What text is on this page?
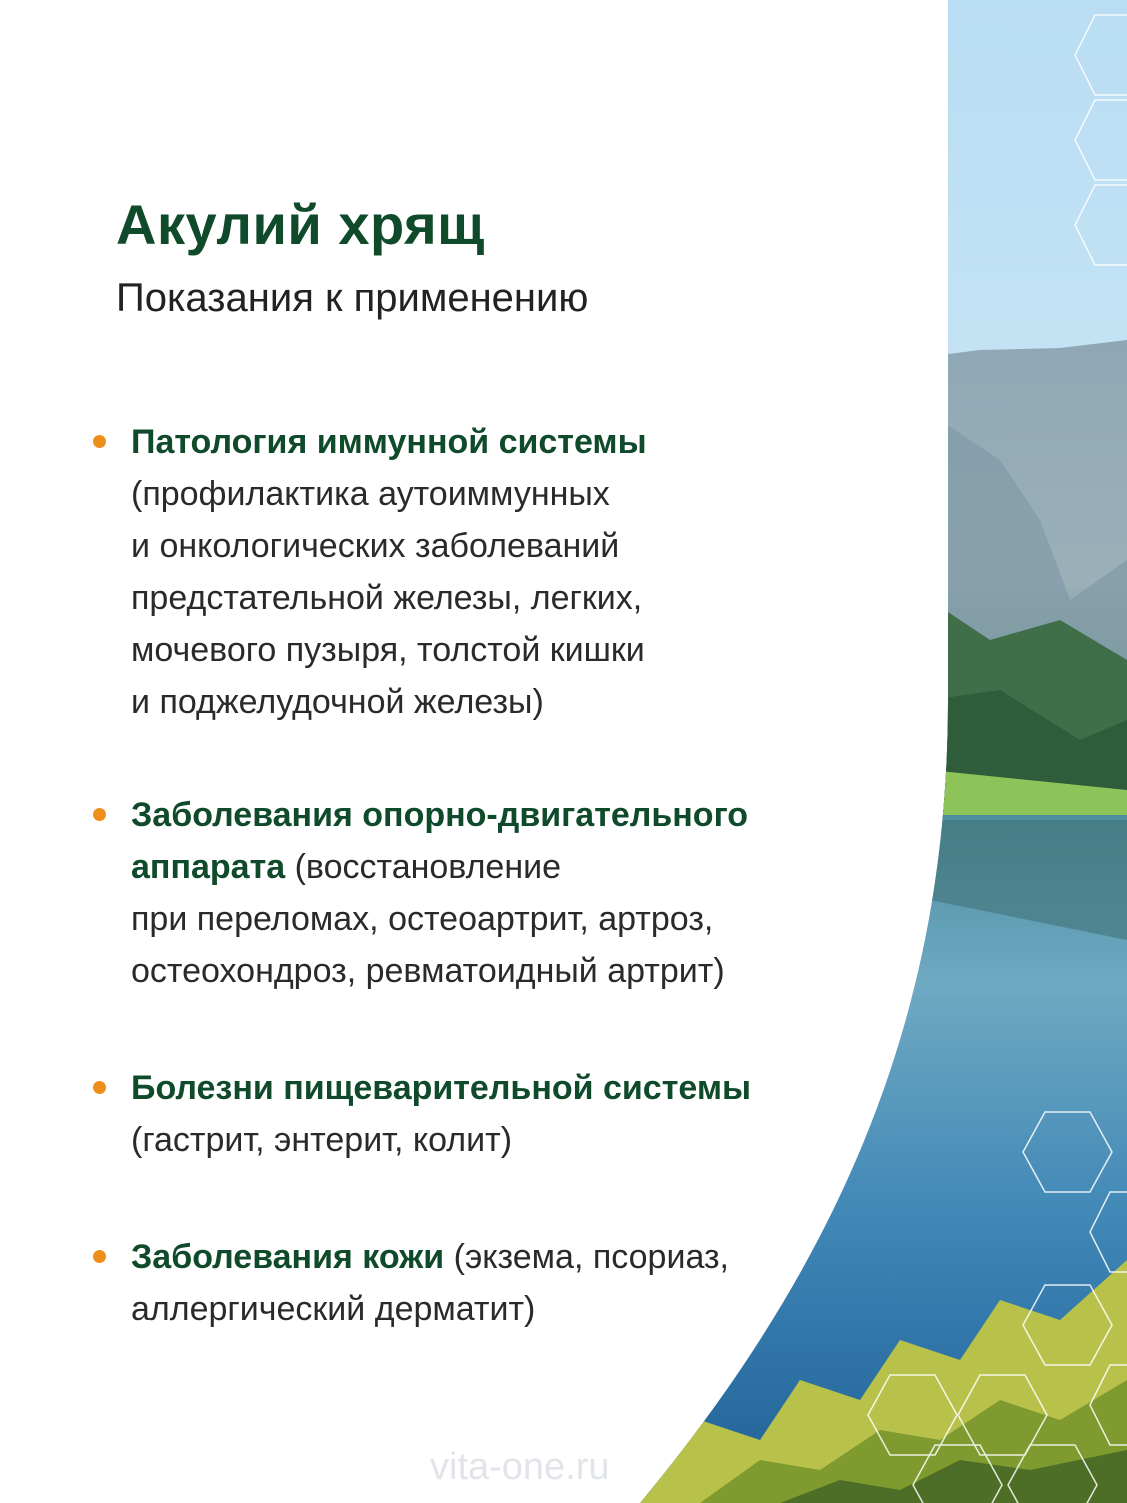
Акулий хрящ
Показания к применению
Патология иммунной системы
(профилактика аутоиммунных
и онкологических заболеваний
предстательной железы, легких,
мочевого пузыря, толстой кишки
и поджелудочной железы)
Заболевания опорно-двигательного
аппарата (восстановление
при переломах, остеоартрит, артроз,
остеохондроз, ревматоидный артрит)
Болезни пищеварительной системы
(гастрит, энтерит, колит)
Заболевания кожи (экзема, псориаз,
аллергический дерматит)
vita-one.ru
